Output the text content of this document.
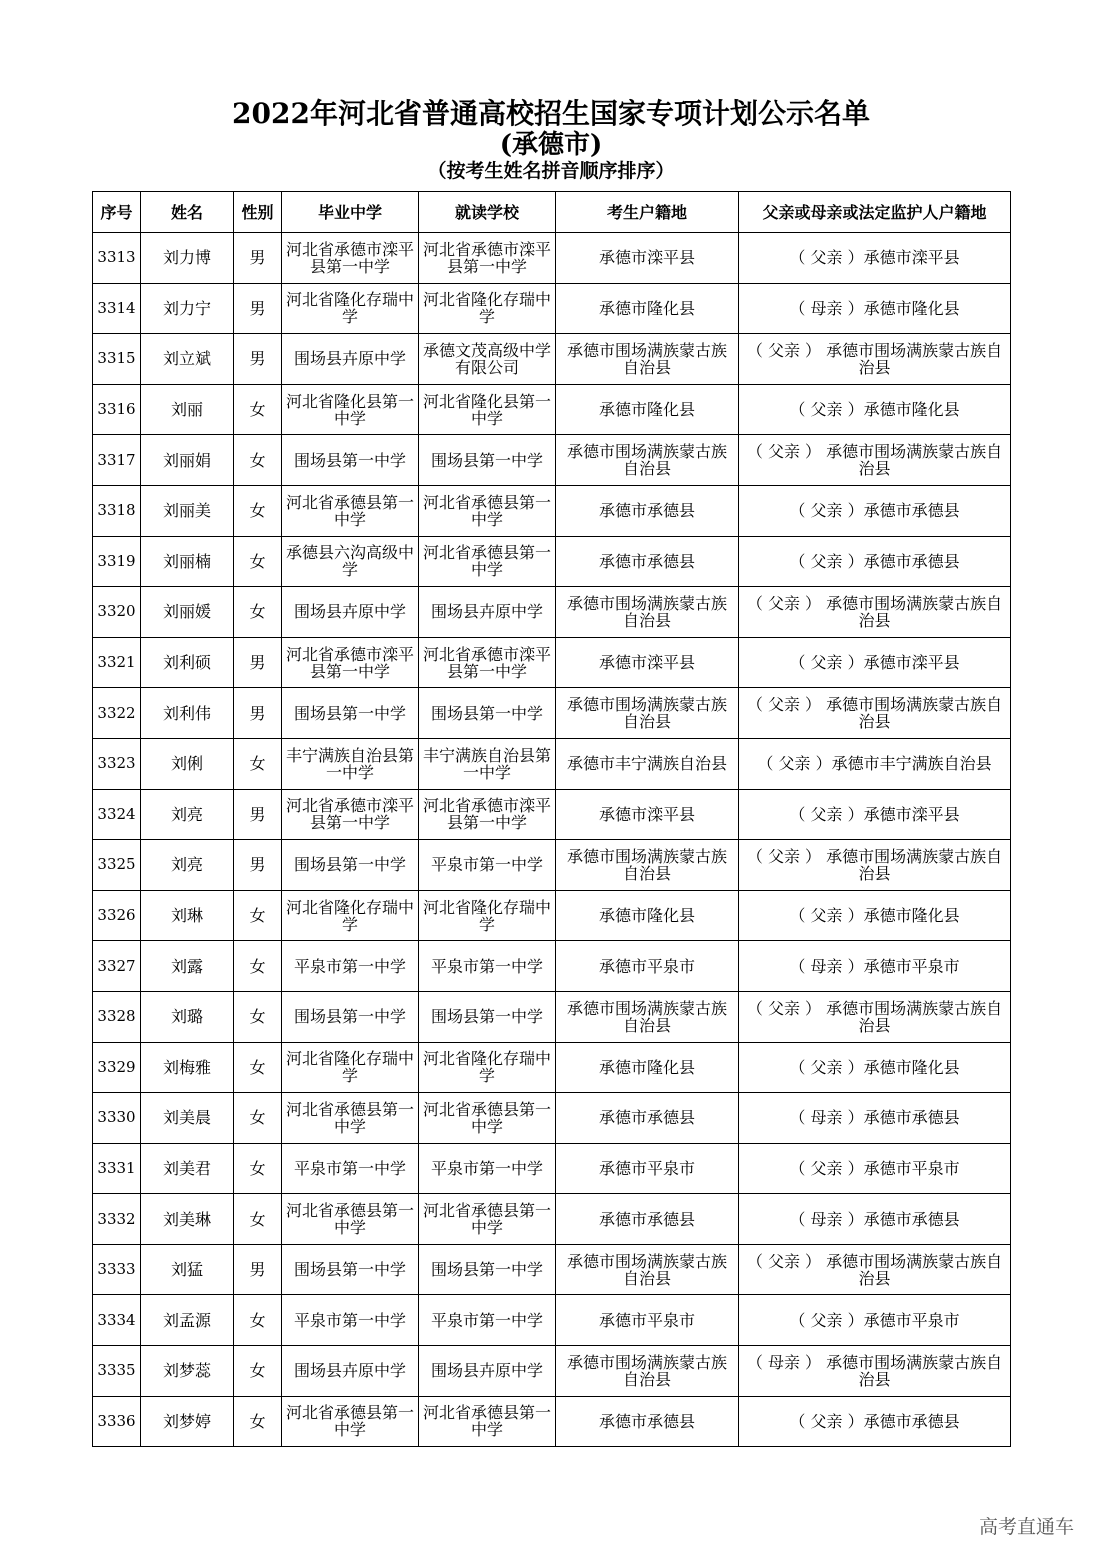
2022年河北省普通高校招生国家专项计划公示名单
(承德市)
（按考生姓名拼音顺序排序）
序号	姓名	性别	毕业中学	就读学校	考生户籍地	父亲或母亲或法定监护人户籍地
3313	刘力博	男	河北省承德市滦平县第一中学	河北省承德市滦平县第一中学	承德市滦平县	（ 父亲 ）承德市滦平县
3314	刘力宁	男	河北省隆化存瑞中学	河北省隆化存瑞中学	承德市隆化县	（ 母亲 ）承德市隆化县
3315	刘立斌	男	围场县卉原中学	承德文茂高级中学有限公司	承德市围场满族蒙古族自治县	（ 父亲 ） 承德市围场满族蒙古族自治县
3316	刘丽	女	河北省隆化县第一中学	河北省隆化县第一中学	承德市隆化县	（ 父亲 ）承德市隆化县
3317	刘丽娟	女	围场县第一中学	围场县第一中学	承德市围场满族蒙古族自治县	（ 父亲 ） 承德市围场满族蒙古族自治县
3318	刘丽美	女	河北省承德县第一中学	河北省承德县第一中学	承德市承德县	（ 父亲 ）承德市承德县
3319	刘丽楠	女	承德县六沟高级中学	河北省承德县第一中学	承德市承德县	（ 父亲 ）承德市承德县
3320	刘丽媛	女	围场县卉原中学	围场县卉原中学	承德市围场满族蒙古族自治县	（ 父亲 ） 承德市围场满族蒙古族自治县
3321	刘利硕	男	河北省承德市滦平县第一中学	河北省承德市滦平县第一中学	承德市滦平县	（ 父亲 ）承德市滦平县
3322	刘利伟	男	围场县第一中学	围场县第一中学	承德市围场满族蒙古族自治县	（ 父亲 ） 承德市围场满族蒙古族自治县
3323	刘俐	女	丰宁满族自治县第一中学	丰宁满族自治县第一中学	承德市丰宁满族自治县	（ 父亲 ）承德市丰宁满族自治县
3324	刘亮	男	河北省承德市滦平县第一中学	河北省承德市滦平县第一中学	承德市滦平县	（ 父亲 ）承德市滦平县
3325	刘亮	男	围场县第一中学	平泉市第一中学	承德市围场满族蒙古族自治县	（ 父亲 ） 承德市围场满族蒙古族自治县
3326	刘琳	女	河北省隆化存瑞中学	河北省隆化存瑞中学	承德市隆化县	（ 父亲 ）承德市隆化县
3327	刘露	女	平泉市第一中学	平泉市第一中学	承德市平泉市	（ 母亲 ）承德市平泉市
3328	刘璐	女	围场县第一中学	围场县第一中学	承德市围场满族蒙古族自治县	（ 父亲 ） 承德市围场满族蒙古族自治县
3329	刘梅雅	女	河北省隆化存瑞中学	河北省隆化存瑞中学	承德市隆化县	（ 父亲 ）承德市隆化县
3330	刘美晨	女	河北省承德县第一中学	河北省承德县第一中学	承德市承德县	（ 母亲 ）承德市承德县
3331	刘美君	女	平泉市第一中学	平泉市第一中学	承德市平泉市	（ 父亲 ）承德市平泉市
3332	刘美琳	女	河北省承德县第一中学	河北省承德县第一中学	承德市承德县	（ 母亲 ）承德市承德县
3333	刘猛	男	围场县第一中学	围场县第一中学	承德市围场满族蒙古族自治县	（ 父亲 ） 承德市围场满族蒙古族自治县
3334	刘孟源	女	平泉市第一中学	平泉市第一中学	承德市平泉市	（ 父亲 ）承德市平泉市
3335	刘梦蕊	女	围场县卉原中学	围场县卉原中学	承德市围场满族蒙古族自治县	（ 母亲 ） 承德市围场满族蒙古族自治县
3336	刘梦婷	女	河北省承德县第一中学	河北省承德县第一中学	承德市承德县	（ 父亲 ）承德市承德县
高考直通车
